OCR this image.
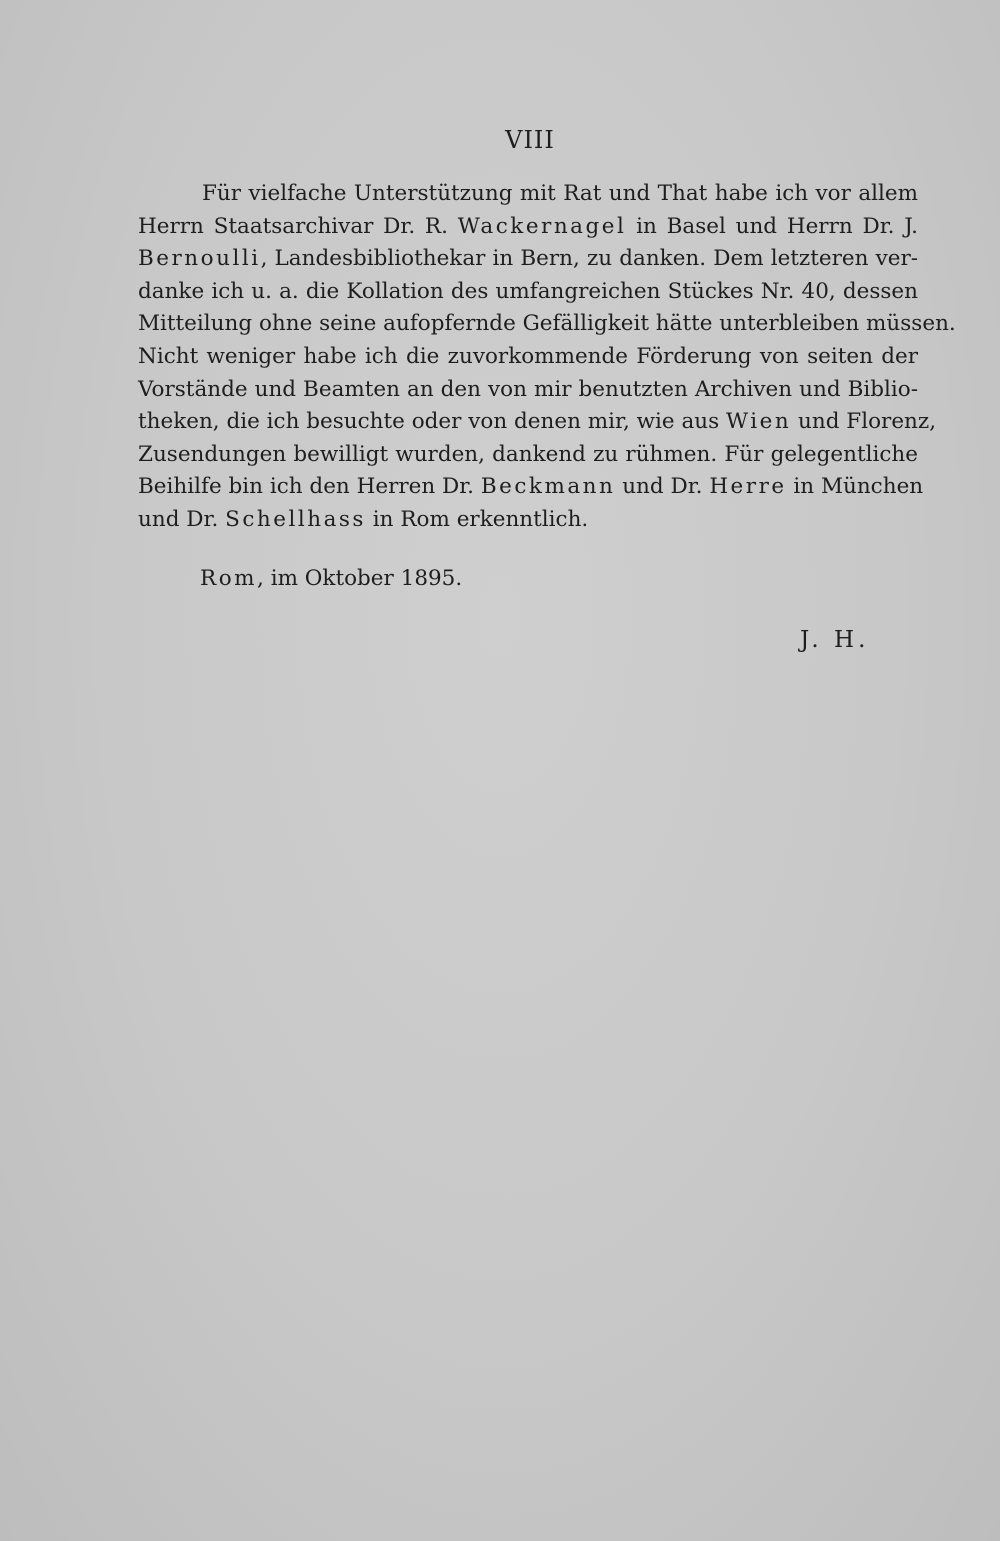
VIII
Für vielfache Unterstützung mit Rat und That habe ich vor allem
Herrn Staatsarchivar Dr. R. Wackernagel in Basel und Herrn Dr. J.
Bernoulli, Landesbibliothekar in Bern, zu danken. Dem letzteren ver-
danke ich u. a. die Kollation des umfangreichen Stückes Nr. 40, dessen
Mitteilung ohne seine aufopfernde Gefälligkeit hätte unterbleiben müssen.
Nicht weniger habe ich die zuvorkommende Förderung von seiten der
Vorstände und Beamten an den von mir benutzten Archiven und Biblio-
theken, die ich besuchte oder von denen mir, wie aus Wien und Florenz,
Zusendungen bewilligt wurden, dankend zu rühmen. Für gelegentliche
Beihilfe bin ich den Herren Dr. Beckmann und Dr. Herre in München
und Dr. Schellhass in Rom erkenntlich.
Rom, im Oktober 1895.
J. H.
